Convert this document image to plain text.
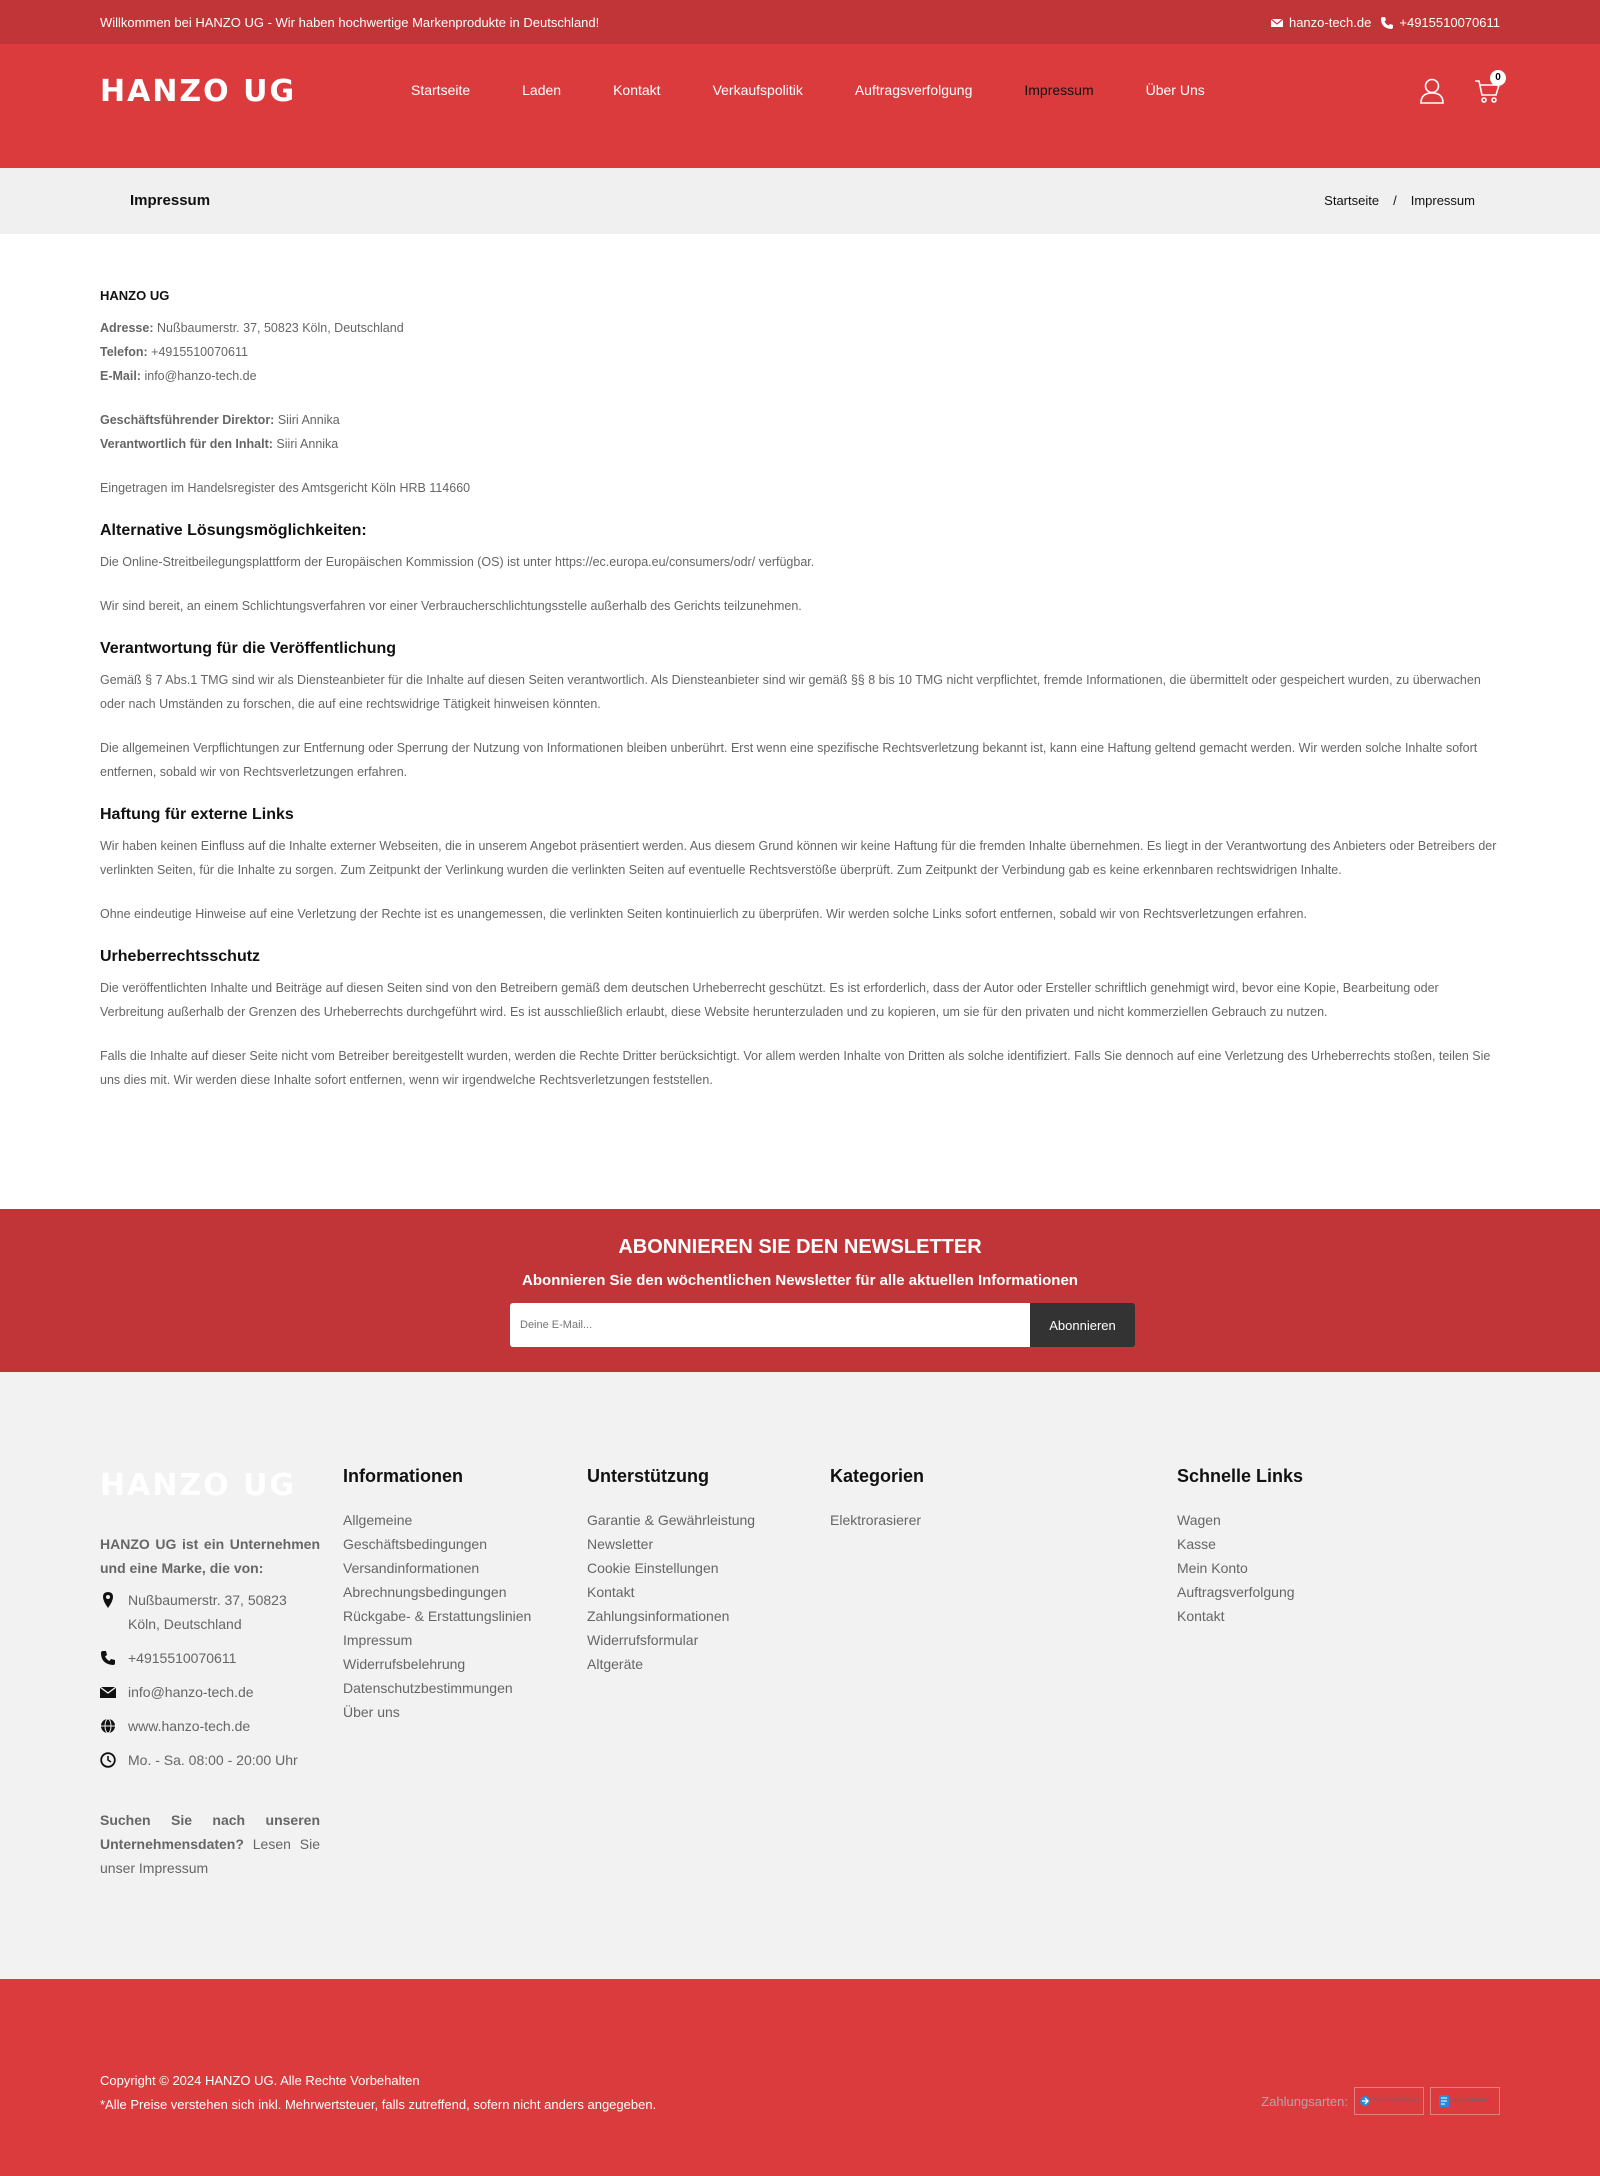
Willkommen bei HANZO UG - Wir haben hochwertige Markenprodukte in Deutschland!	hanzo-tech.de +4915510070611
HANZO UG	Startseite	Laden	Kontakt	Verkaufspolitik	Auftragsverfolgung	Impressum	Über Uns
0
Impressum	Startseite / Impressum
HANZO UG

Adresse: Nußbaumerstr. 37, 50823 Köln, Deutschland
Telefon: +4915510070611
E-Mail: info@hanzo-tech.de

Geschäftsführender Direktor: Siiri Annika
Verantwortlich für den Inhalt: Siiri Annika

Eingetragen im Handelsregister des Amtsgericht Köln HRB 114660

Alternative Lösungsmöglichkeiten:

Die Online-Streitbeilegungsplattform der Europäischen Kommission (OS) ist unter https://ec.europa.eu/consumers/odr/ verfügbar.

Wir sind bereit, an einem Schlichtungsverfahren vor einer Verbraucherschlichtungsstelle außerhalb des Gerichts teilzunehmen.

Verantwortung für die Veröffentlichung

Gemäß § 7 Abs.1 TMG sind wir als Diensteanbieter für die Inhalte auf diesen Seiten verantwortlich. Als Diensteanbieter sind wir gemäß §§ 8 bis 10 TMG nicht verpflichtet, fremde Informationen, die übermittelt oder gespeichert wurden, zu überwachen oder nach Umständen zu forschen, die auf eine rechtswidrige Tätigkeit hinweisen könnten.

Die allgemeinen Verpflichtungen zur Entfernung oder Sperrung der Nutzung von Informationen bleiben unberührt. Erst wenn eine spezifische Rechtsverletzung bekannt ist, kann eine Haftung geltend gemacht werden. Wir werden solche Inhalte sofort entfernen, sobald wir von Rechtsverletzungen erfahren.

Haftung für externe Links

Wir haben keinen Einfluss auf die Inhalte externer Webseiten, die in unserem Angebot präsentiert werden. Aus diesem Grund können wir keine Haftung für die fremden Inhalte übernehmen. Es liegt in der Verantwortung des Anbieters oder Betreibers der verlinkten Seiten, für die Inhalte zu sorgen. Zum Zeitpunkt der Verlinkung wurden die verlinkten Seiten auf eventuelle Rechtsverstöße überprüft. Zum Zeitpunkt der Verbindung gab es keine erkennbaren rechtswidrigen Inhalte.

Ohne eindeutige Hinweise auf eine Verletzung der Rechte ist es unangemessen, die verlinkten Seiten kontinuierlich zu überprüfen. Wir werden solche Links sofort entfernen, sobald wir von Rechtsverletzungen erfahren.

Urheberrechtsschutz

Die veröffentlichten Inhalte und Beiträge auf diesen Seiten sind von den Betreibern gemäß dem deutschen Urheberrecht geschützt. Es ist erforderlich, dass der Autor oder Ersteller schriftlich genehmigt wird, bevor eine Kopie, Bearbeitung oder Verbreitung außerhalb der Grenzen des Urheberrechts durchgeführt wird. Es ist ausschließlich erlaubt, diese Website herunterzuladen und zu kopieren, um sie für den privaten und nicht kommerziellen Gebrauch zu nutzen.

Falls die Inhalte auf dieser Seite nicht vom Betreiber bereitgestellt wurden, werden die Rechte Dritter berücksichtigt. Vor allem werden Inhalte von Dritten als solche identifiziert. Falls Sie dennoch auf eine Verletzung des Urheberrechts stoßen, teilen Sie uns dies mit. Wir werden diese Inhalte sofort entfernen, wenn wir irgendwelche Rechtsverletzungen feststellen.

ABONNIEREN SIE DEN NEWSLETTER
Abonnieren Sie den wöchentlichen Newsletter für alle aktuellen Informationen
Deine E-Mail...
Abonnieren
HANZO UG
HANZO UG ist ein Unternehmen und eine Marke, die von:
Nußbaumerstr. 37, 50823 Köln, Deutschland
+4915510070611
info@hanzo-tech.de
www.hanzo-tech.de
Mo. - Sa. 08:00 - 20:00 Uhr
Suchen Sie nach unseren Unternehmensdaten? Lesen Sie unser Impressum
Informationen
Allgemeine Geschäftsbedingungen
Versandinformationen
Abrechnungsbedingungen
Rückgabe- & Erstattungslinien
Impressum
Widerrufsbelehrung
Datenschutzbestimmungen
Über uns
Unterstützung
Garantie & Gewährleistung
Newsletter
Cookie Einstellungen
Kontakt
Zahlungsinformationen
Widerrufsformular
Altgeräte
Kategorien
Elektrorasierer
Schnelle Links
Wagen
Kasse
Mein Konto
Auftragsverfolgung
Kontakt
Copyright © 2024 HANZO UG. Alle Rechte Vorbehalten
*Alle Preise verstehen sich inkl. Mehrwertsteuer, falls zutreffend, sofern nicht anders angegeben.	Zahlungsarten:	ÜBERWEISUNG	NACHNAHME
